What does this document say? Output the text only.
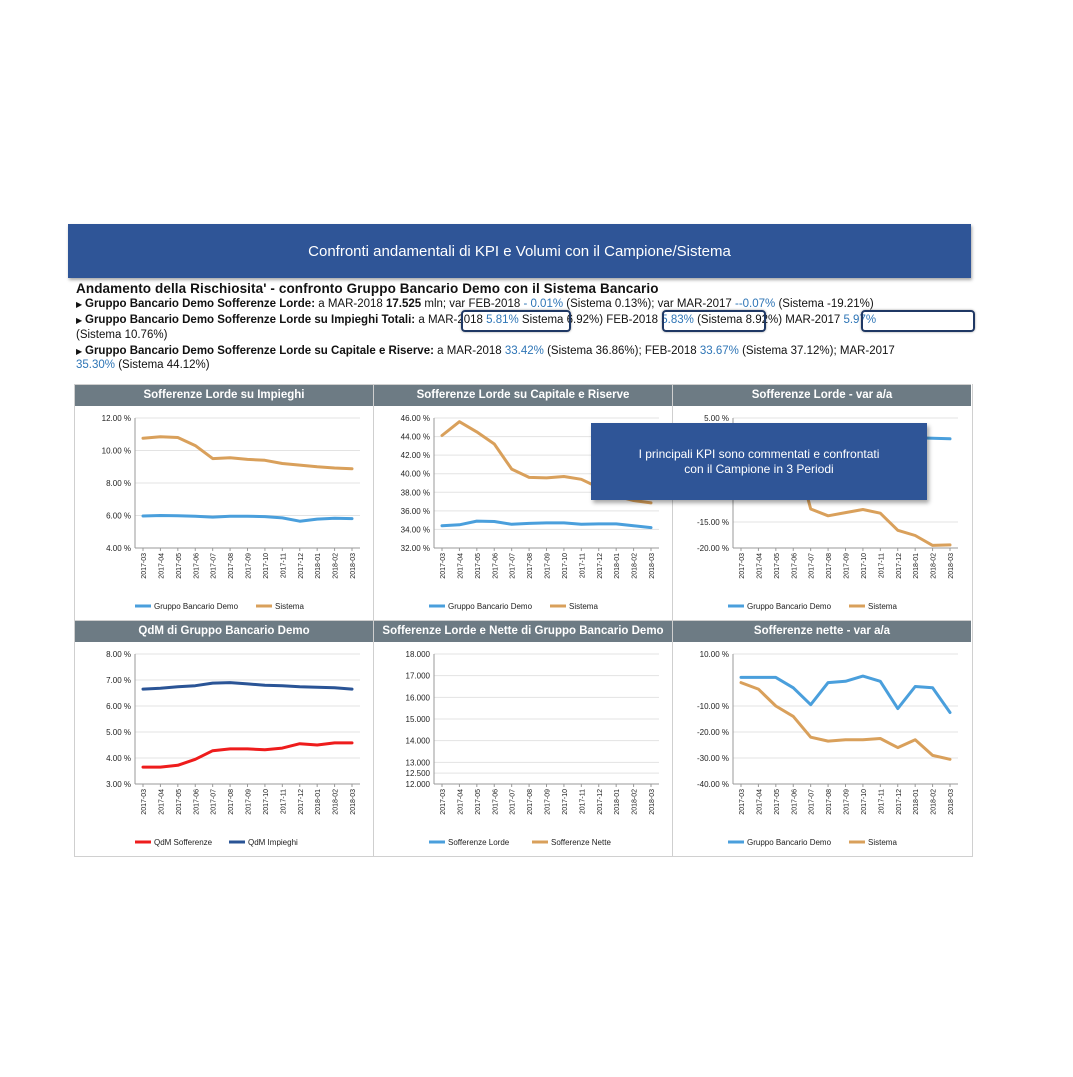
Confronti andamentali di KPI e Volumi con il Campione/Sistema
Andamento della Rischiosita' - confronto Gruppo Bancario Demo con il Sistema Bancario
▶ Gruppo Bancario Demo Sofferenze Lorde: a MAR-2018 17.525 mln; var FEB-2018 - 0.01% (Sistema 0.13%); var MAR-2017 --0.07% (Sistema -19.21%)
▶ Gruppo Bancario Demo Sofferenze Lorde su Impieghi Totali: a MAR-2018 5.81% Sistema 6.92%) FEB-2018 5.83% (Sistema 8.92%) MAR-2017 5.97%
(Sistema 10.76%)
▶ Gruppo Bancario Demo Sofferenze Lorde su Capitale e Riserve: a MAR-2018 33.42% (Sistema 36.86%); FEB-2018 33.67% (Sistema 37.12%); MAR-2017
35.30% (Sistema 44.12%)
Sofferenze Lorde su Impieghi
4.00 %
6.00 %
8.00 %
10.00 %
12.00 %
2017-03 2017-04 2017-05 2017-06 2017-07 2017-08 2017-09 2017-10 2017-11 2017-12 2018-01 2018-02 2018-03
Gruppo Bancario Demo	Sistema
Sofferenze Lorde su Capitale e Riserve
32.00 %
34.00 %
36.00 %
38.00 %
40.00 %
42.00 %
44.00 %
46.00 %
2017-03 2017-04 2017-05 2017-06 2017-07 2017-08 2017-09 2017-10 2017-11 2017-12 2018-01 2018-02 2018-03
Gruppo Bancario Demo	Sistema
Sofferenze Lorde - var a/a
-20.00 %
-15.00 %
5.00 %
2017-03 2017-04 2017-05 2017-06 2017-07 2017-08 2017-09 2017-10 2017-11 2017-12 2018-01 2018-02 2018-03
Gruppo Bancario Demo	Sistema
QdM di Gruppo Bancario Demo
3.00 %
4.00 %
5.00 %
6.00 %
7.00 %
8.00 %
2017-03 2017-04 2017-05 2017-06 2017-07 2017-08 2017-09 2017-10 2017-11 2017-12 2018-01 2018-02 2018-03
QdM Sofferenze	QdM Impieghi
Sofferenze Lorde e Nette di Gruppo Bancario Demo
12.000
12.500
13.000
14.000
15.000
16.000
17.000
18.000
2017-03 2017-04 2017-05 2017-06 2017-07 2017-08 2017-09 2017-10 2017-11 2017-12 2018-01 2018-02 2018-03
Sofferenze Lorde	Sofferenze Nette
Sofferenze nette - var a/a
-40.00 %
-30.00 %
-20.00 %
-10.00 %
10.00 %
2017-03 2017-04 2017-05 2017-06 2017-07 2017-08 2017-09 2017-10 2017-11 2017-12 2018-01 2018-02 2018-03
Gruppo Bancario Demo	Sistema
I principali KPI sono commentati e confrontati
con il Campione in 3 Periodi
